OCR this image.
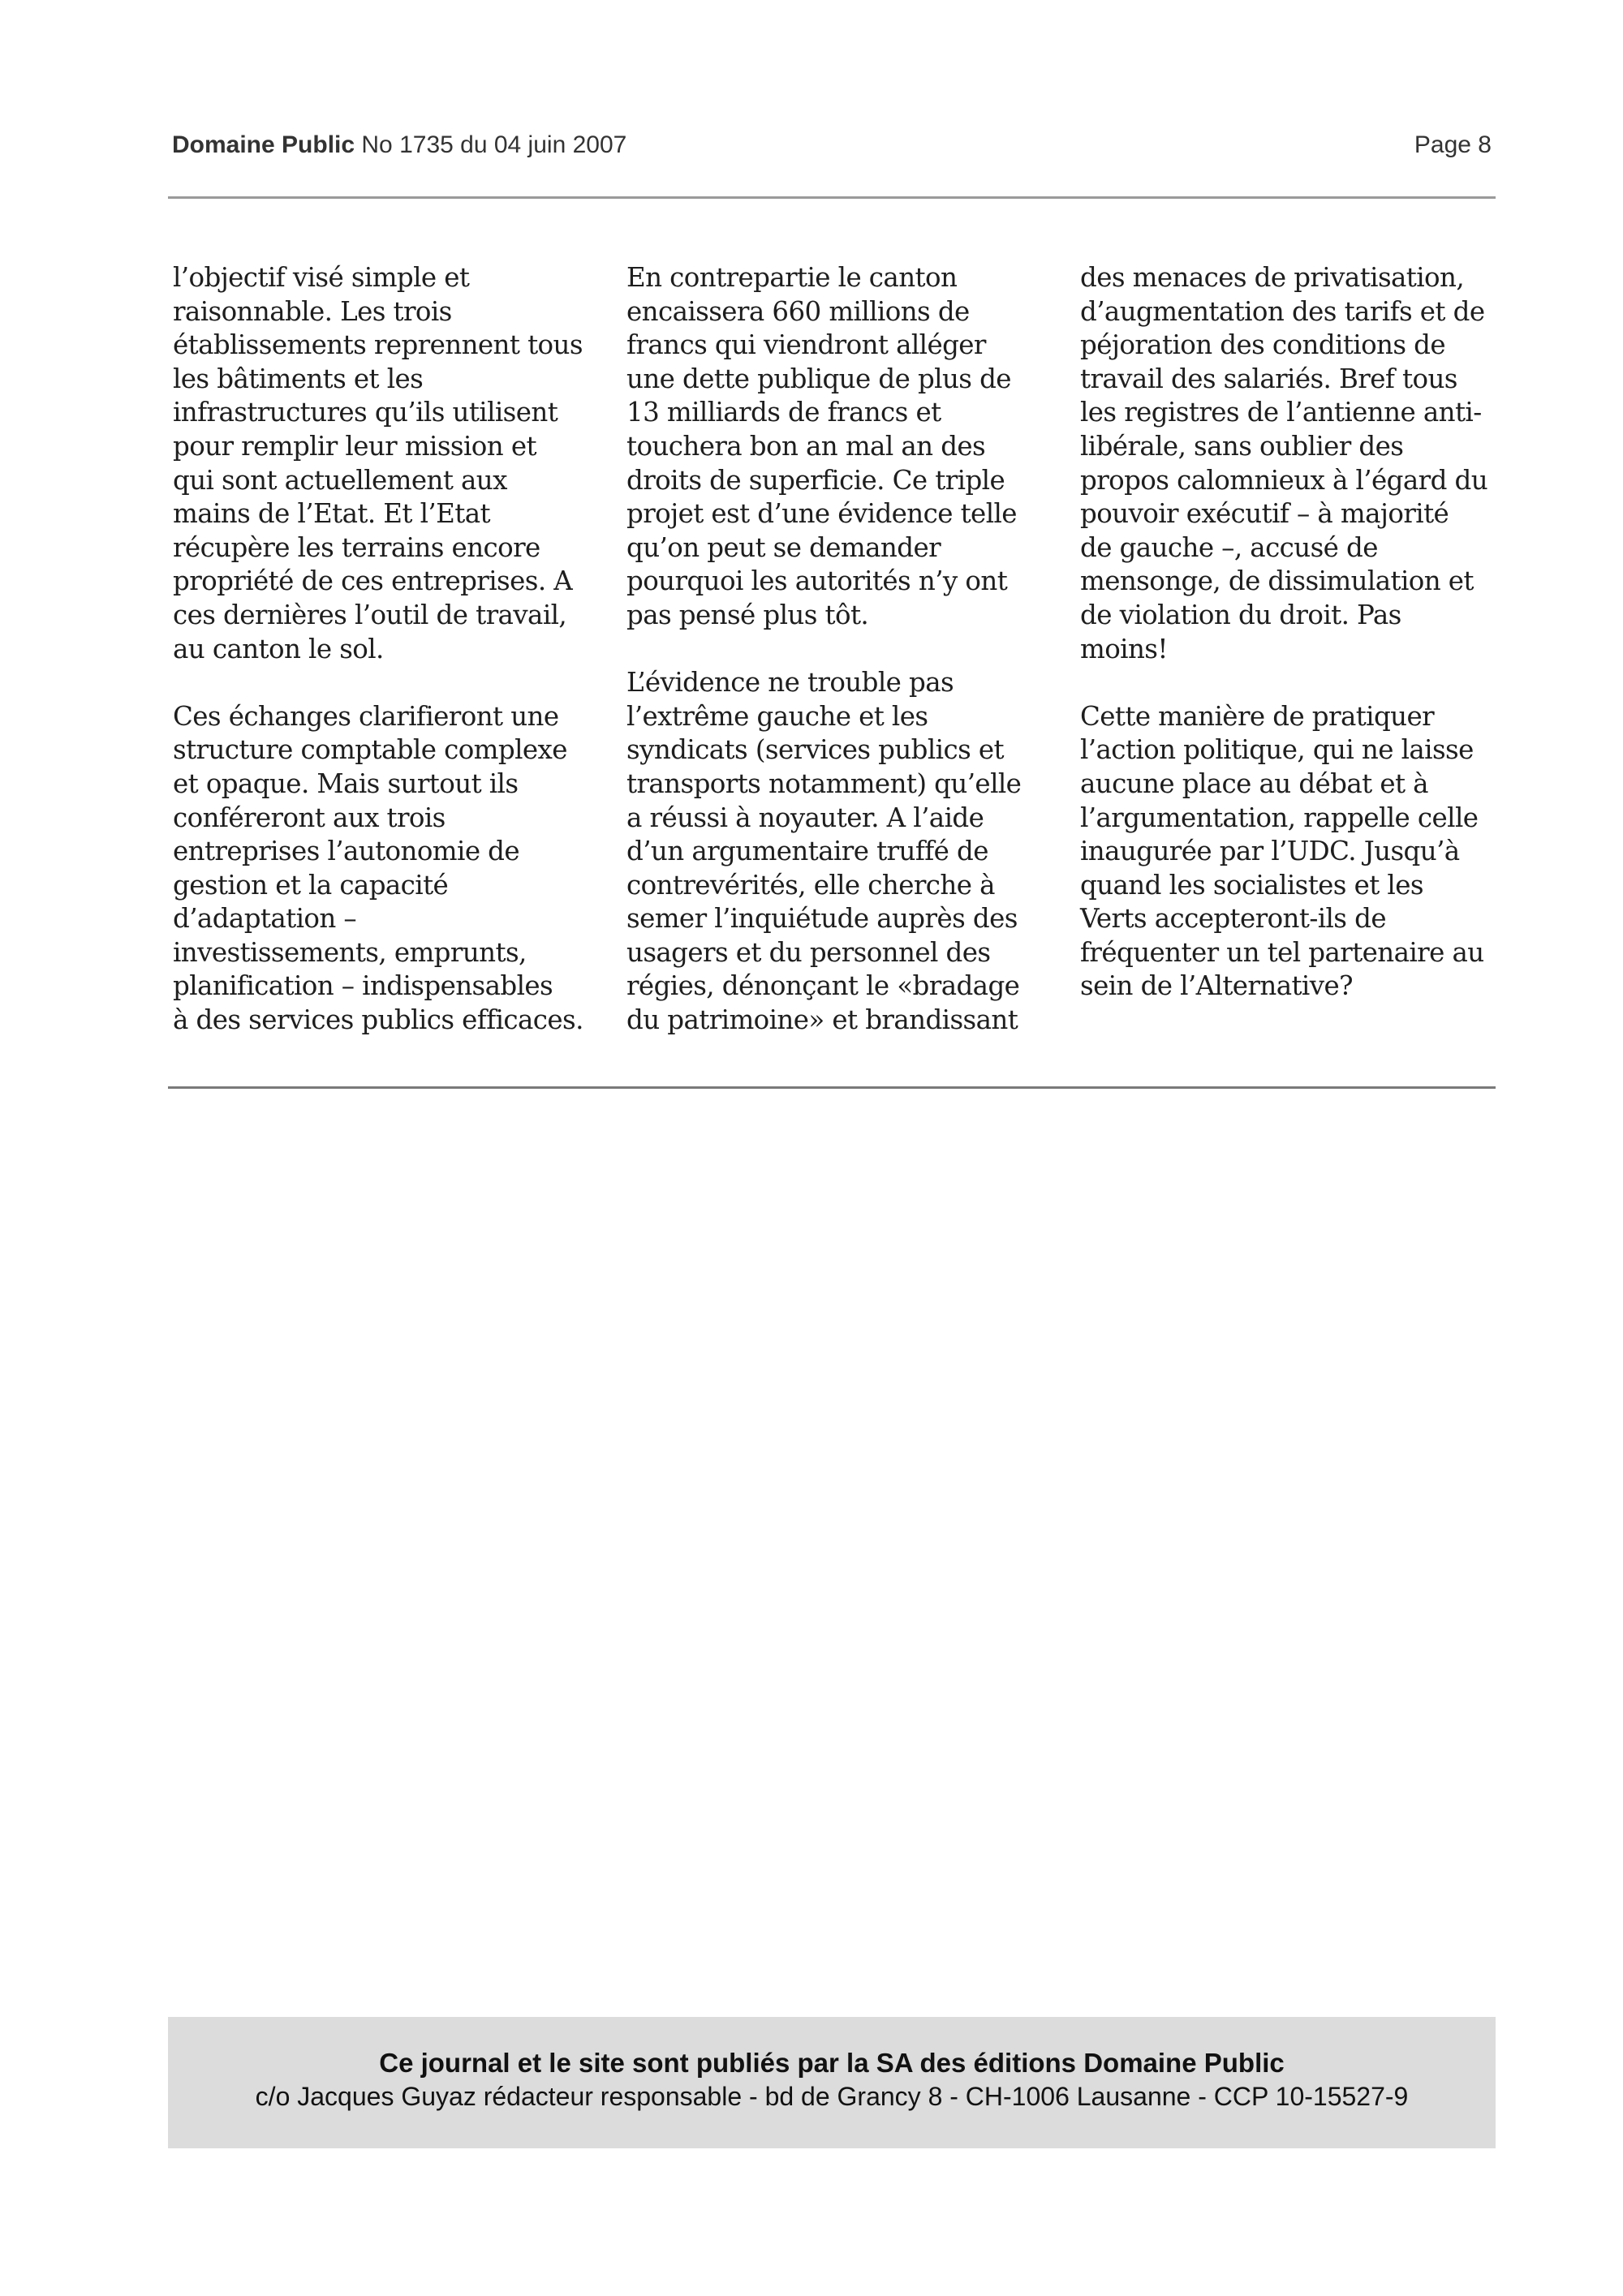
Domaine Public No 1735 du 04 juin 2007	Page 8

l’objectif visé simple et
raisonnable. Les trois
établissements reprennent tous
les bâtiments et les
infrastructures qu’ils utilisent
pour remplir leur mission et
qui sont actuellement aux
mains de l’Etat. Et l’Etat
récupère les terrains encore
propriété de ces entreprises. A
ces dernières l’outil de travail,
au canton le sol.

Ces échanges clarifieront une
structure comptable complexe
et opaque. Mais surtout ils
conféreront aux trois
entreprises l’autonomie de
gestion et la capacité
d’adaptation –
investissements, emprunts,
planification – indispensables
à des services publics efficaces.

En contrepartie le canton
encaissera 660 millions de
francs qui viendront alléger
une dette publique de plus de
13 milliards de francs et
touchera bon an mal an des
droits de superficie. Ce triple
projet est d’une évidence telle
qu’on peut se demander
pourquoi les autorités n’y ont
pas pensé plus tôt.

L’évidence ne trouble pas
l’extrême gauche et les
syndicats (services publics et
transports notamment) qu’elle
a réussi à noyauter. A l’aide
d’un argumentaire truffé de
contrevérités, elle cherche à
semer l’inquiétude auprès des
usagers et du personnel des
régies, dénonçant le «bradage
du patrimoine» et brandissant

des menaces de privatisation,
d’augmentation des tarifs et de
péjoration des conditions de
travail des salariés. Bref tous
les registres de l’antienne anti-
libérale, sans oublier des
propos calomnieux à l’égard du
pouvoir exécutif – à majorité
de gauche –, accusé de
mensonge, de dissimulation et
de violation du droit. Pas
moins!

Cette manière de pratiquer
l’action politique, qui ne laisse
aucune place au débat et à
l’argumentation, rappelle celle
inaugurée par l’UDC. Jusqu’à
quand les socialistes et les
Verts accepteront-ils de
fréquenter un tel partenaire au
sein de l’Alternative?

Ce journal et le site sont publiés par la SA des éditions Domaine Public
c/o Jacques Guyaz rédacteur responsable - bd de Grancy 8 - CH-1006 Lausanne - CCP 10-15527-9
